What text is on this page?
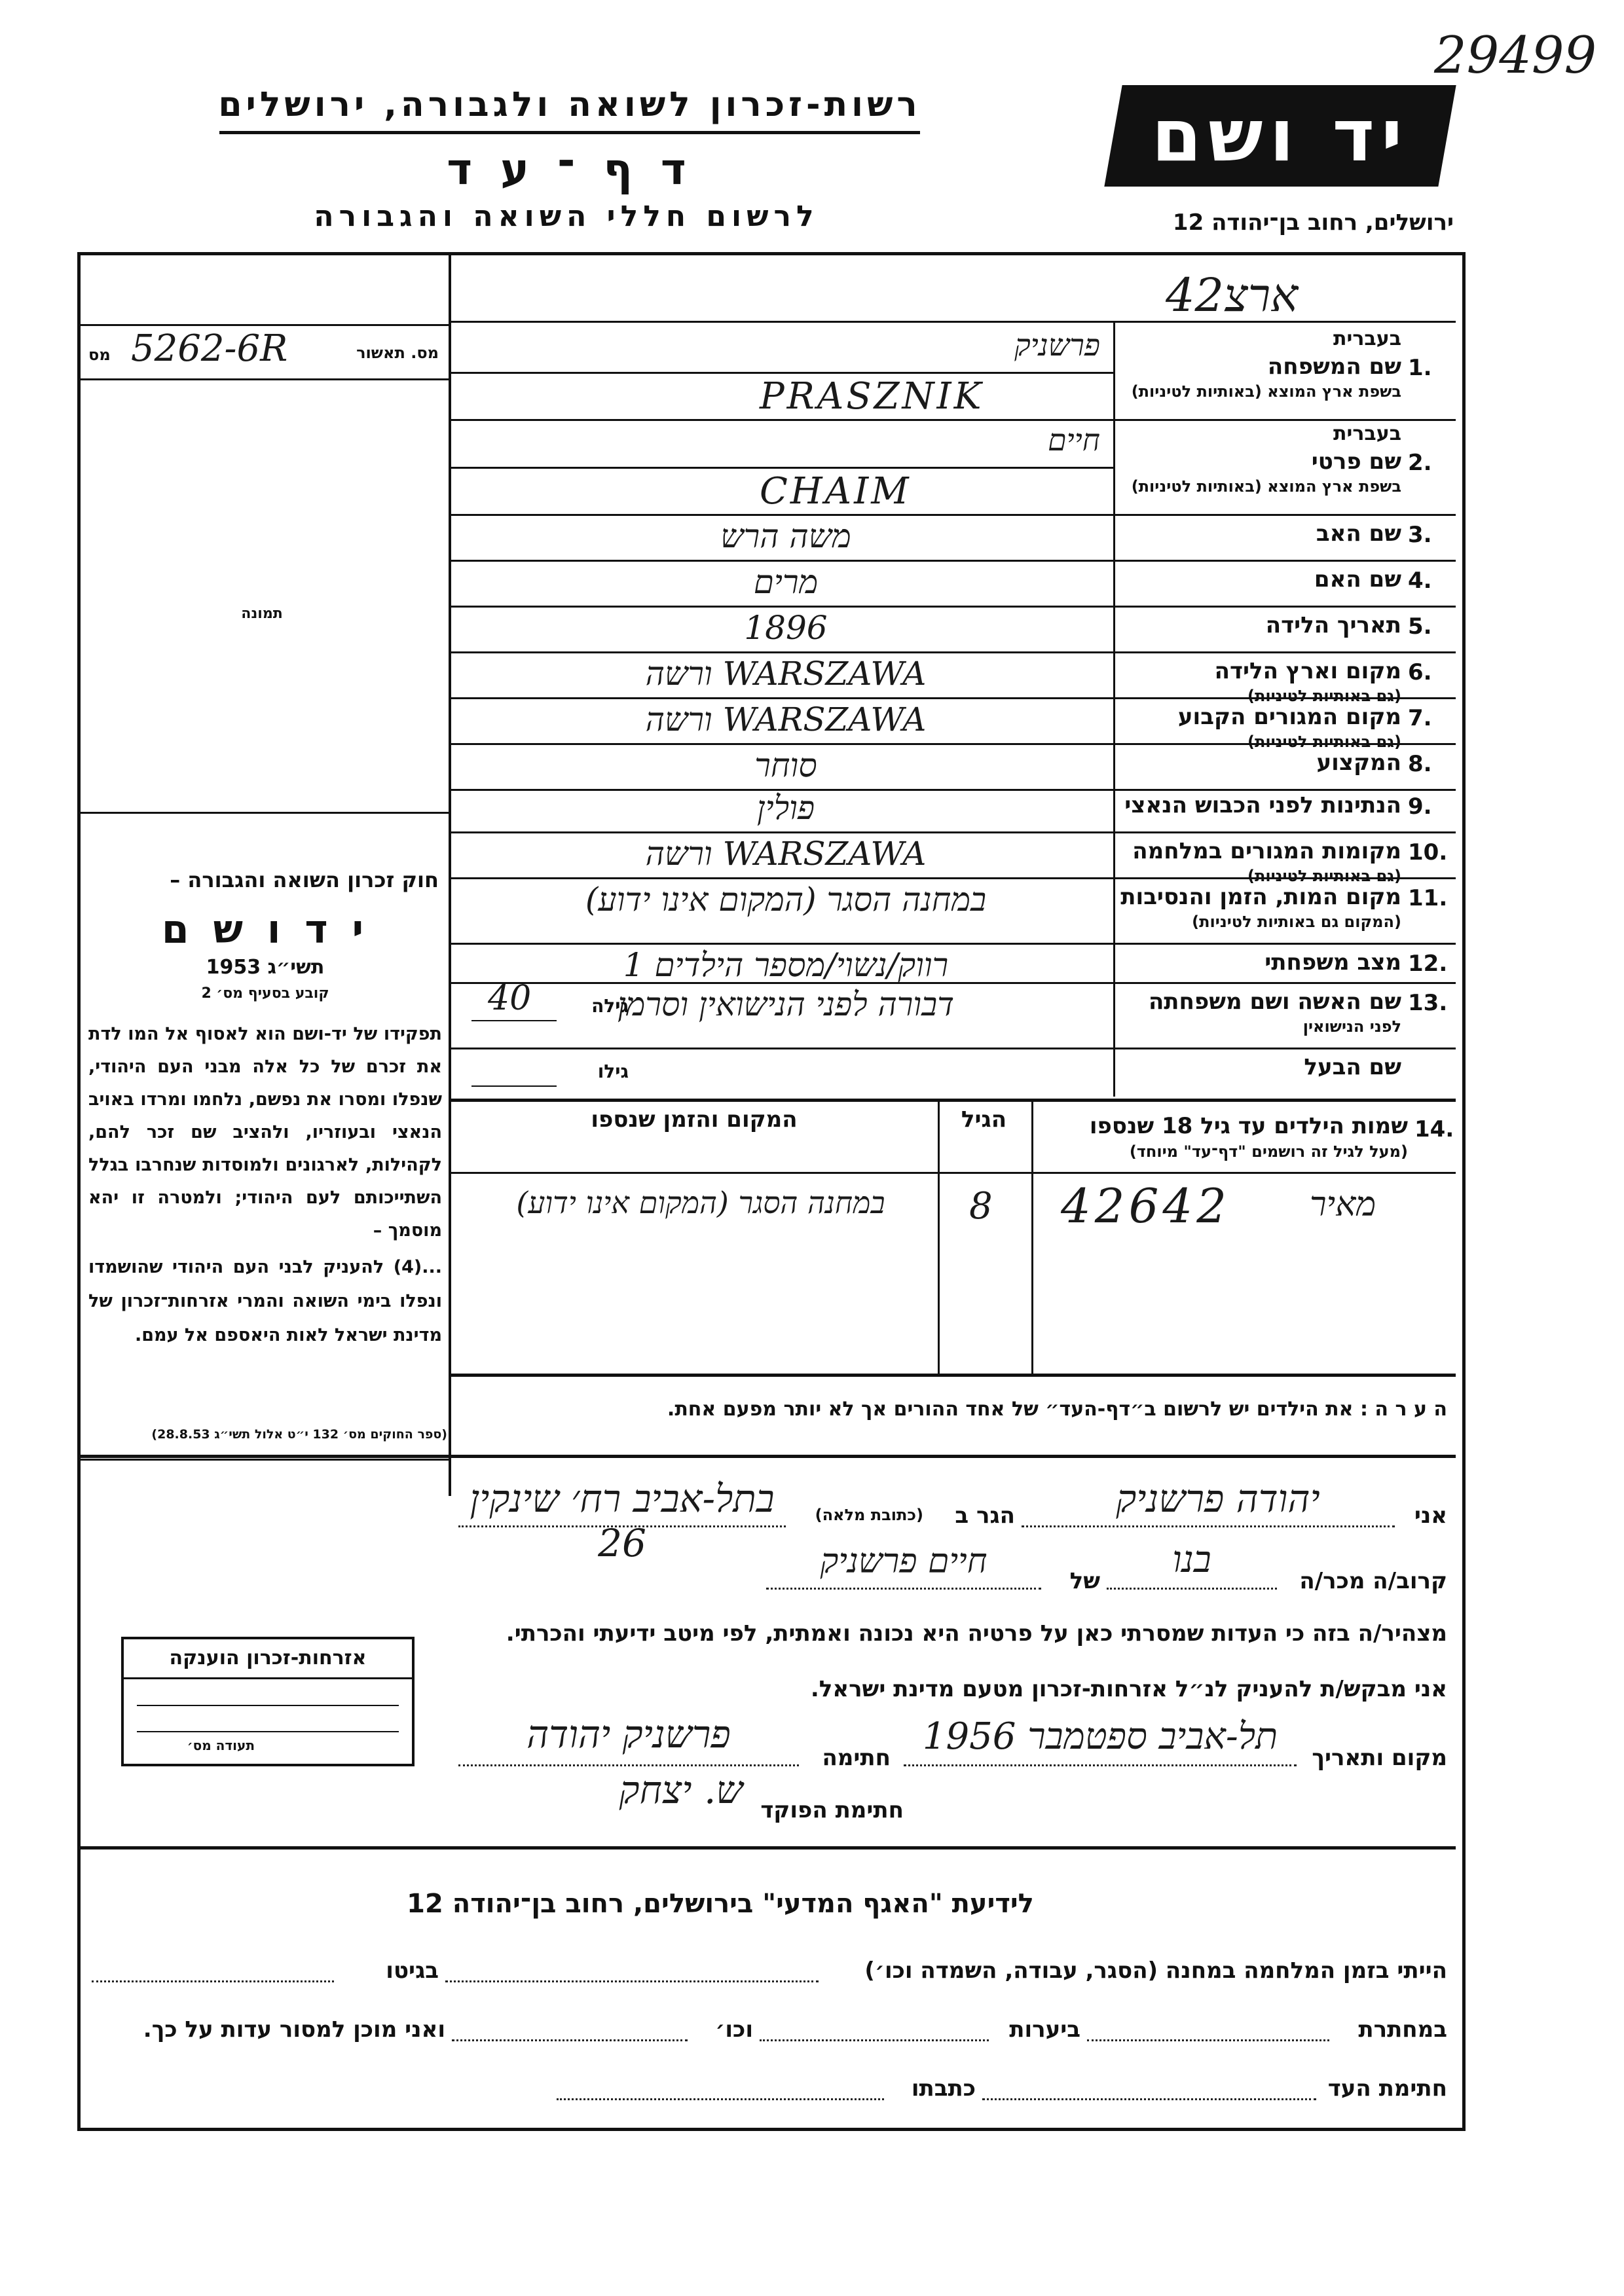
29499
רשות-זכרון לשואה ולגבורה, ירושלים
ד ף ־ ע ד
לרשום חללי השואה והגבורה
יד ושם
ירושלים, רחוב בן־יהודה 12
מס. תאשור
5262-6R
מס
תמונה
חוק זכרון השואה והגבורה –
י ד ו ש ם
תשי״ג 1953
קובע בסעיף מס׳ 2
תפקידו של יד-ושם הוא לאסוף אל המו לדת את זכרם של כל אלה מבני העם היהודי, שנפלו ומסרו את נפשם, נלחמו ומרדו באויב הנאצי ובעוזריו, ולהציב שם זכר להם, לקהילות, לארגונים ולמוסדות שנחרבו בגלל השתייכותם לעם היהודי; ולמטרה זו יהא מוסמך –
...(4) להעניק לבני העם היהודי שהושמדו ונפלו בימי השואה והמרי אזרחות־זכרון של מדינת ישראל לאות היאספם אל עמם.
(ספר החוקים מס׳ 132 י״ט אלול תשי״ג 28.8.53)
ארצ42
1.
שם המשפחה
בעברית
בשפת ארץ המוצא (באותיות לטיניות)
פרשניק
PRASZNIK
2.
שם פרטי
בעברית
בשפת ארץ המוצא (באותיות לטיניות)
חיים
CHAIM
3.
שם האב
משה הרש
4.
שם האם
מרים
5.
תאריך הלידה
1896
6.
מקום וארץ הלידה
(גם באותיות לטיניות)
WARSZAWA ורשה
7.
מקום המגורים הקבוע
(גם באותיות לטיניות)
WARSZAWA ורשה
8.
המקצוע
סוחר
9.
הנתינות לפני הכבוש הנאצי
פולין
10.
מקומות המגורים במלחמה
(גם באותיות לטיניות)
WARSZAWA ורשה
11.
מקום המות, הזמן והנסיבות
(המקום גם באותיות לטיניות)
במחנה הסגר (המקום אינו ידוע)
12.
מצב משפחתי
רווק/נשוי/מספר הילדים 1
13.
שם האשה ושם משפחתה
לפני הנישואין
דבורה לפני הנישואין וסרמן
גילה
40
שם הבעל
גילו
14.
שמות הילדים עד גיל 18 שנספו
(מעל לגיל זה רושמים "דף־עד" מיוחד)
הגיל
המקום והזמן שנספו
מאיר
42642
8
במחנה הסגר (המקום אינו ידוע)
ה ע ר ה : את הילדים יש לרשום ב״דף-העד״ של אחד ההורים אך לא יותר מפעם אחת.
אני
יהודה פרשניק
הגר ב
(כתובת מלאה)
בתל-אביב רח׳ שינקין 26
קרוב/ה מכר/ה
בנו
של
חיים פרשניק
מצהיר/ה בזה כי העדות שמסרתי כאן על פרטיה היא נכונה ואמתית, לפי מיטב ידיעתי והכרתי.
אני מבקש/ת להעניק לנ״ל אזרחות-זכרון מטעם מדינת ישראל.
מקום ותאריך
תל-אביב ספטמבר 1956
חתימה
פרשניק יהודה
חתימת הפוקד
ש. יצחק
אזרחות-זכרון הוענקה
תעודה מס׳
לידיעת "האגף המדעי" בירושלים, רחוב בן־יהודה 12
הייתי בזמן המלחמה במחנה (הסגר, עבודה, השמדה וכו׳)
בגיטו
במחתרת
ביערות
וכו׳
ואני מוכן למסור עדות על כך.
חתימת העד
כתבתו
